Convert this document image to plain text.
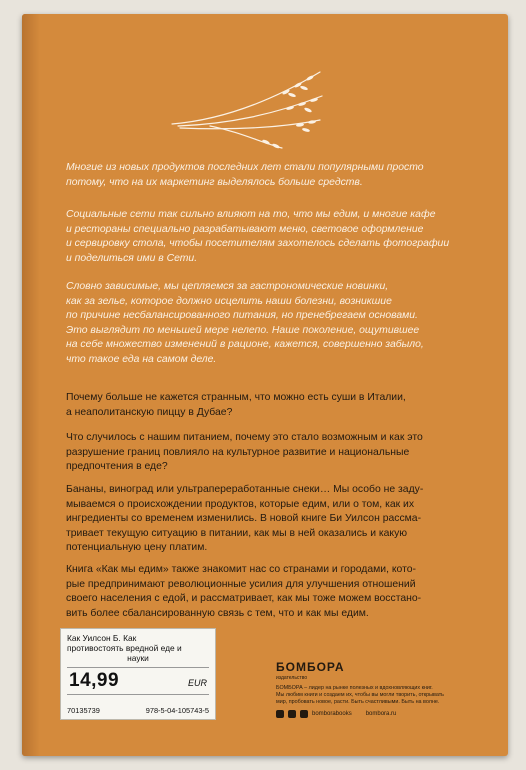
Многие из новых продуктов последних лет стали популярными просто
потому, что на их маркетинг выделялось больше средств.
Социальные сети так сильно влияют на то, что мы едим, и многие кафе
и рестораны специально разрабатывают меню, световое оформление
и сервировку стола, чтобы посетителям захотелось сделать фотографии
и поделиться ими в Сети.
Словно зависимые, мы цепляемся за гастрономические новинки,
как за зелье, которое должно исцелить наши болезни, возникшие
по причине несбалансированного питания, но пренебрегаем основами.
Это выглядит по меньшей мере нелепо. Наше поколение, ощутившее
на себе множество изменений в рационе, кажется, совершенно забыло,
что такое еда на самом деле.
Почему больше не кажется странным, что можно есть суши в Италии,
а неаполитанскую пиццу в Дубае?
Что случилось с нашим питанием, почему это стало возможным и как это
разрушение границ повлияло на культурное развитие и национальные
предпочтения в еде?
Бананы, виноград или ультрапереработанные снеки… Мы особо не заду-
мываемся о происхождении продуктов, которые едим, или о том, как их
ингредиенты со временем изменились. В новой книге Би Уилсон рассма-
тривает текущую ситуацию в питании, как мы в ней оказались и какую
потенциальную цену платим.
Книга «Как мы едим» также знакомит нас со странами и городами, кото-
рые предпринимают революционные усилия для улучшения отношений
своего населения с едой, и рассматривает, как мы тоже можем восстано-
вить более сбалансированную связь с тем, что и как мы едим.
БОМБОРА
издательство
БОМБОРА – лидер на рынке полезных и вдохновляющих книг.
Мы любим книги и создаем их, чтобы вы могли творить, открывать
мир, пробовать новое, расти. Быть счастливыми. Быть на волне.
bomborabooks bombora.ru
Как Уилсон Б. Как
противостоять вредной еде и
науки
14,99	EUR
70135739	978-5-04-105743-5
